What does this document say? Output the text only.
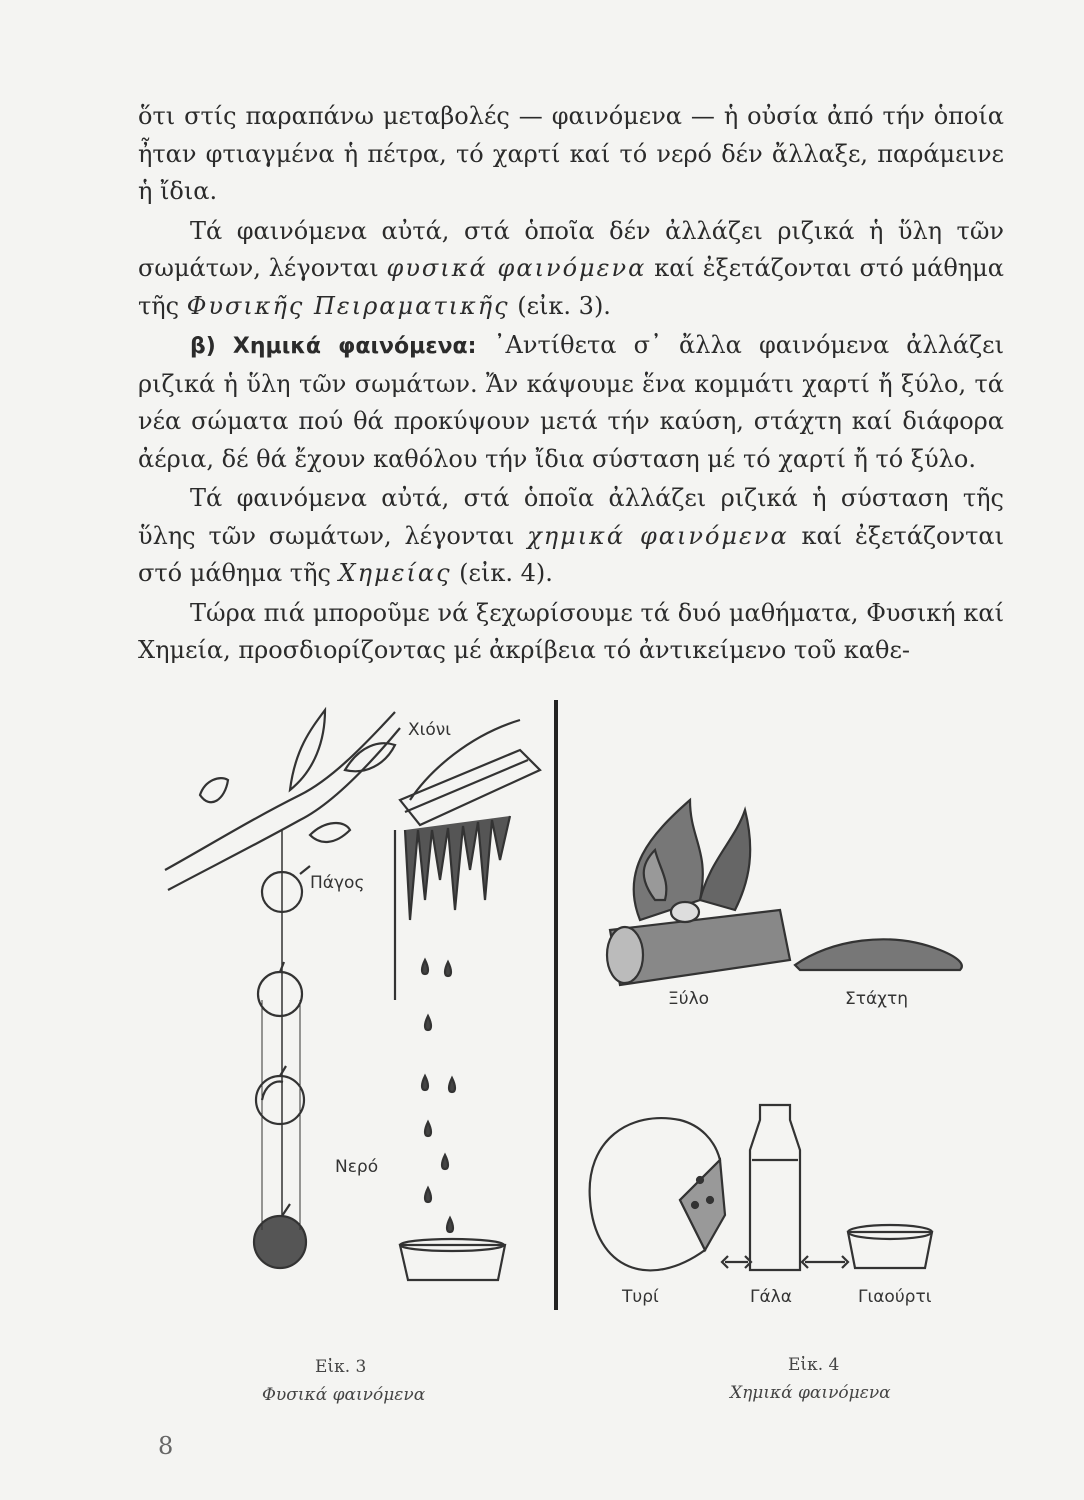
ὅτι στίς παραπάνω μεταβολές — φαινόμενα — ἡ οὐσία ἀπό τήν ὁποία ἦταν φτιαγμένα ἡ πέτρα, τό χαρτί καί τό νερό δέν ἄλλαξε, παράμεινε ἡ ἴδια.

Τά φαινόμενα αὐτά, στά ὁποῖα δέν ἀλλάζει ριζικά ἡ ὕλη τῶν σωμάτων, λέγονται φυσικά φαινόμενα καί ἐξετάζονται στό μάθημα τῆς Φυσικῆς Πειραματικῆς (εἰκ. 3).

β) Χημικά φαινόμενα: ᾽Αντίθετα σ᾽ ἄλλα φαινόμενα ἀλλάζει ριζικά ἡ ὕλη τῶν σωμάτων. Ἄν κάψουμε ἕνα κομμάτι χαρτί ἤ ξύλο, τά νέα σώματα πού θά προκύψουν μετά τήν καύση, στάχτη καί διάφορα ἀέρια, δέ θά ἔχουν καθόλου τήν ἴδια σύσταση μέ τό χαρτί ἤ τό ξύλο.

Τά φαινόμενα αὐτά, στά ὁποῖα ἀλλάζει ριζικά ἡ σύσταση τῆς ὕλης τῶν σωμάτων, λέγονται χημικά φαινόμενα καί ἐξετάζονται στό μάθημα τῆς Χημείας (εἰκ. 4).

Τώρα πιά μποροῦμε νά ξεχωρίσουμε τά δυό μαθήματα, Φυσική καί Χημεία, προσδιορίζοντας μέ ἀκρίβεια τό ἀντικείμενο τοῦ καθε-

Χιόνι
Πάγος
Νερό
Εἰκ. 3
Φυσικά φαινόμενα
Ξύλο	Στάχτη
Τυρί	Γάλα	Γιαούρτι
Εἰκ. 4
Χημικά φαινόμενα
8
